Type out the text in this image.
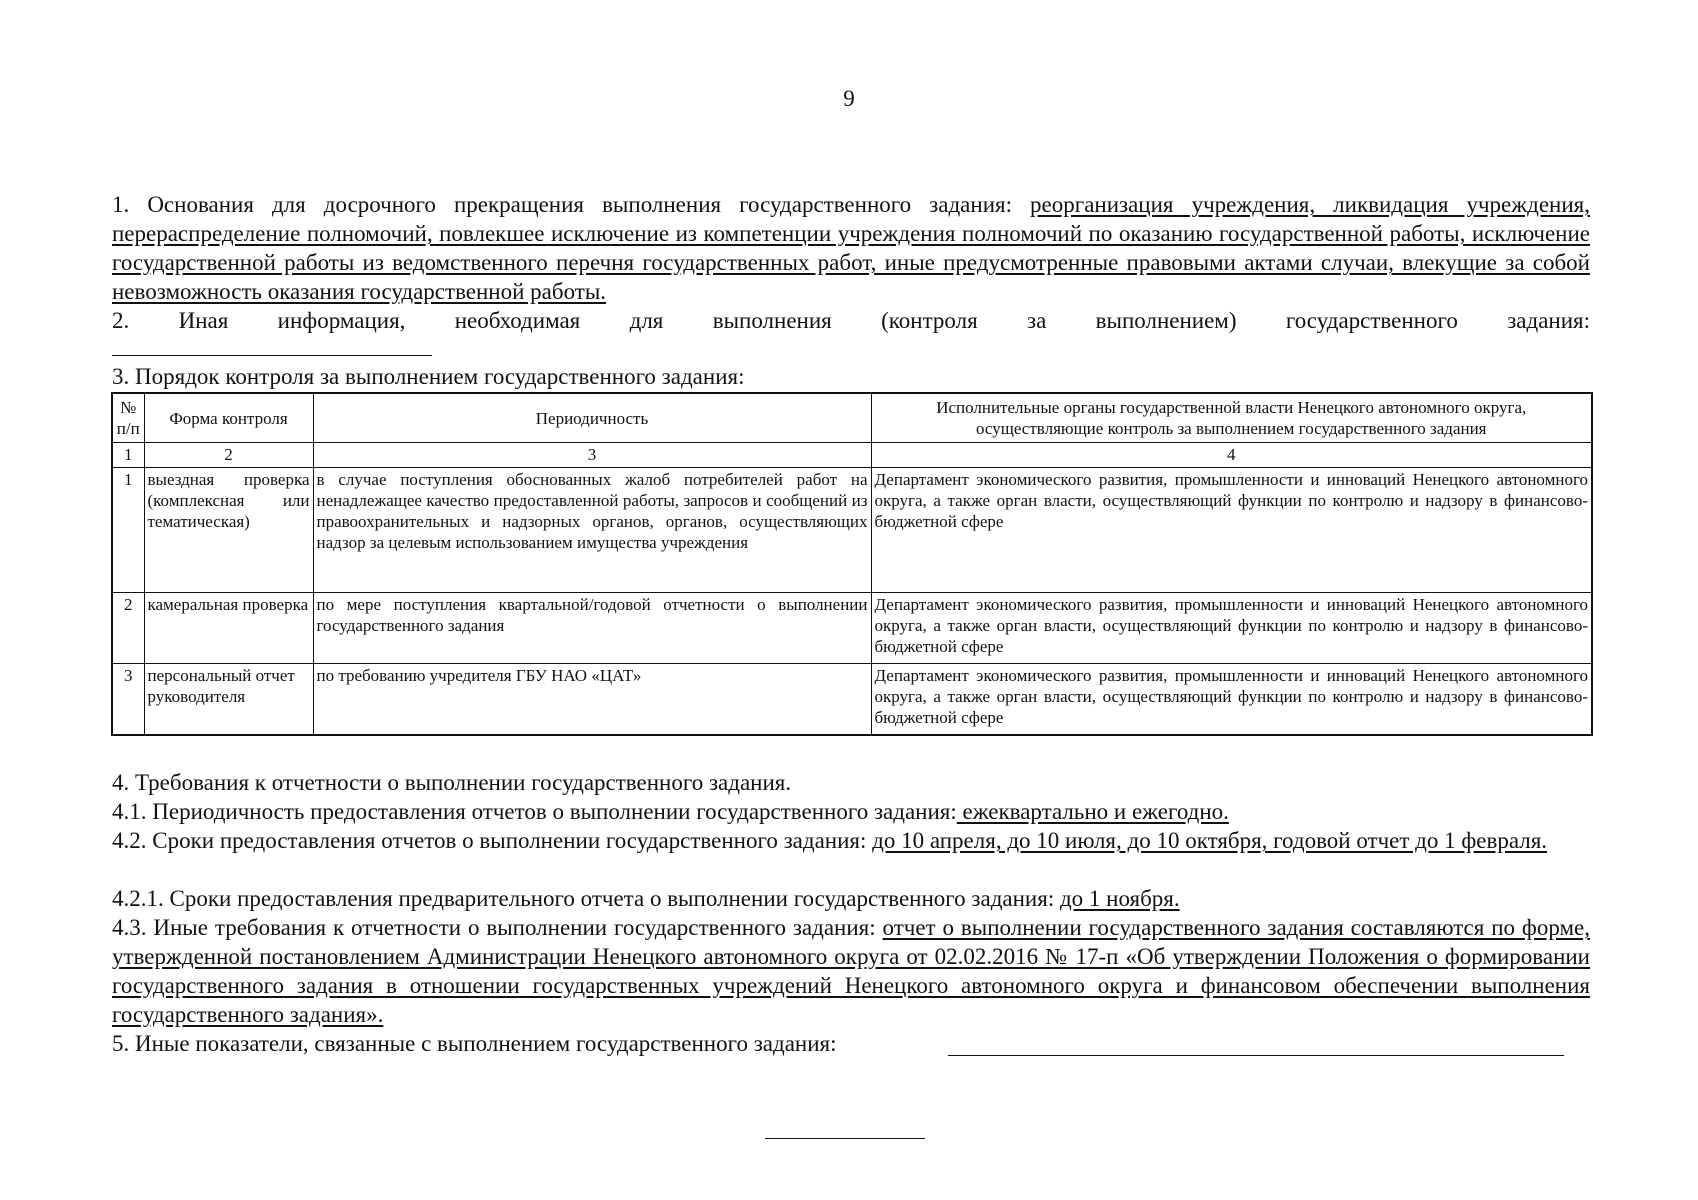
9

1. Основания для досрочного прекращения выполнения государственного задания: реорганизация учреждения, ликвидация учреждения, перераспределение полномочий, повлекшее исключение из компетенции учреждения полномочий по оказанию государственной работы, исключение государственной работы из ведомственного перечня государственных работ, иные предусмотренные правовыми актами случаи, влекущие за собой невозможность оказания государственной работы.

2. Иная информация, необходимая для выполнения (контроля за выполнением) государственного задания:

3. Порядок контроля за выполнением государственного задания:

№ п/п	Форма контроля	Периодичность	Исполнительные органы государственной власти Ненецкого автономного округа, осуществляющие контроль за выполнением государственного задания
1	2	3	4
1	выездная проверка (комплексная или тематическая)	в случае поступления обоснованных жалоб потребителей работ на ненадлежащее качество предоставленной работы, запросов и сообщений из правоохранительных и надзорных органов, органов, осуществляющих надзор за целевым использованием имущества учреждения	Департамент экономического развития, промышленности и инноваций Ненецкого автономного округа, а также орган власти, осуществляющий функции по контролю и надзору в финансово-бюджетной сфере
2	камеральная проверка	по мере поступления квартальной/годовой отчетности о выполнении государственного задания	Департамент экономического развития, промышленности и инноваций Ненецкого автономного округа, а также орган власти, осуществляющий функции по контролю и надзору в финансово-бюджетной сфере
3	персональный отчет руководителя	по требованию учредителя ГБУ НАО «ЦАТ»	Департамент экономического развития, промышленности и инноваций Ненецкого автономного округа, а также орган власти, осуществляющий функции по контролю и надзору в финансово-бюджетной сфере

4. Требования к отчетности о выполнении государственного задания.

4.1. Периодичность предоставления отчетов о выполнении государственного задания: ежеквартально и ежегодно.

4.2. Сроки предоставления отчетов о выполнении государственного задания: до 10 апреля, до 10 июля, до 10 октября, годовой отчет до 1 февраля.

4.2.1. Сроки предоставления предварительного отчета о выполнении государственного задания: до 1 ноября.

4.3. Иные требования к отчетности о выполнении государственного задания: отчет о выполнении государственного задания составляются по форме, утвержденной постановлением Администрации Ненецкого автономного округа от 02.02.2016 № 17-п «Об утверждении Положения о формировании государственного задания в отношении государственных учреждений Ненецкого автономного округа и финансовом обеспечении выполнения государственного задания».

5. Иные показатели, связанные с выполнением государственного задания:
